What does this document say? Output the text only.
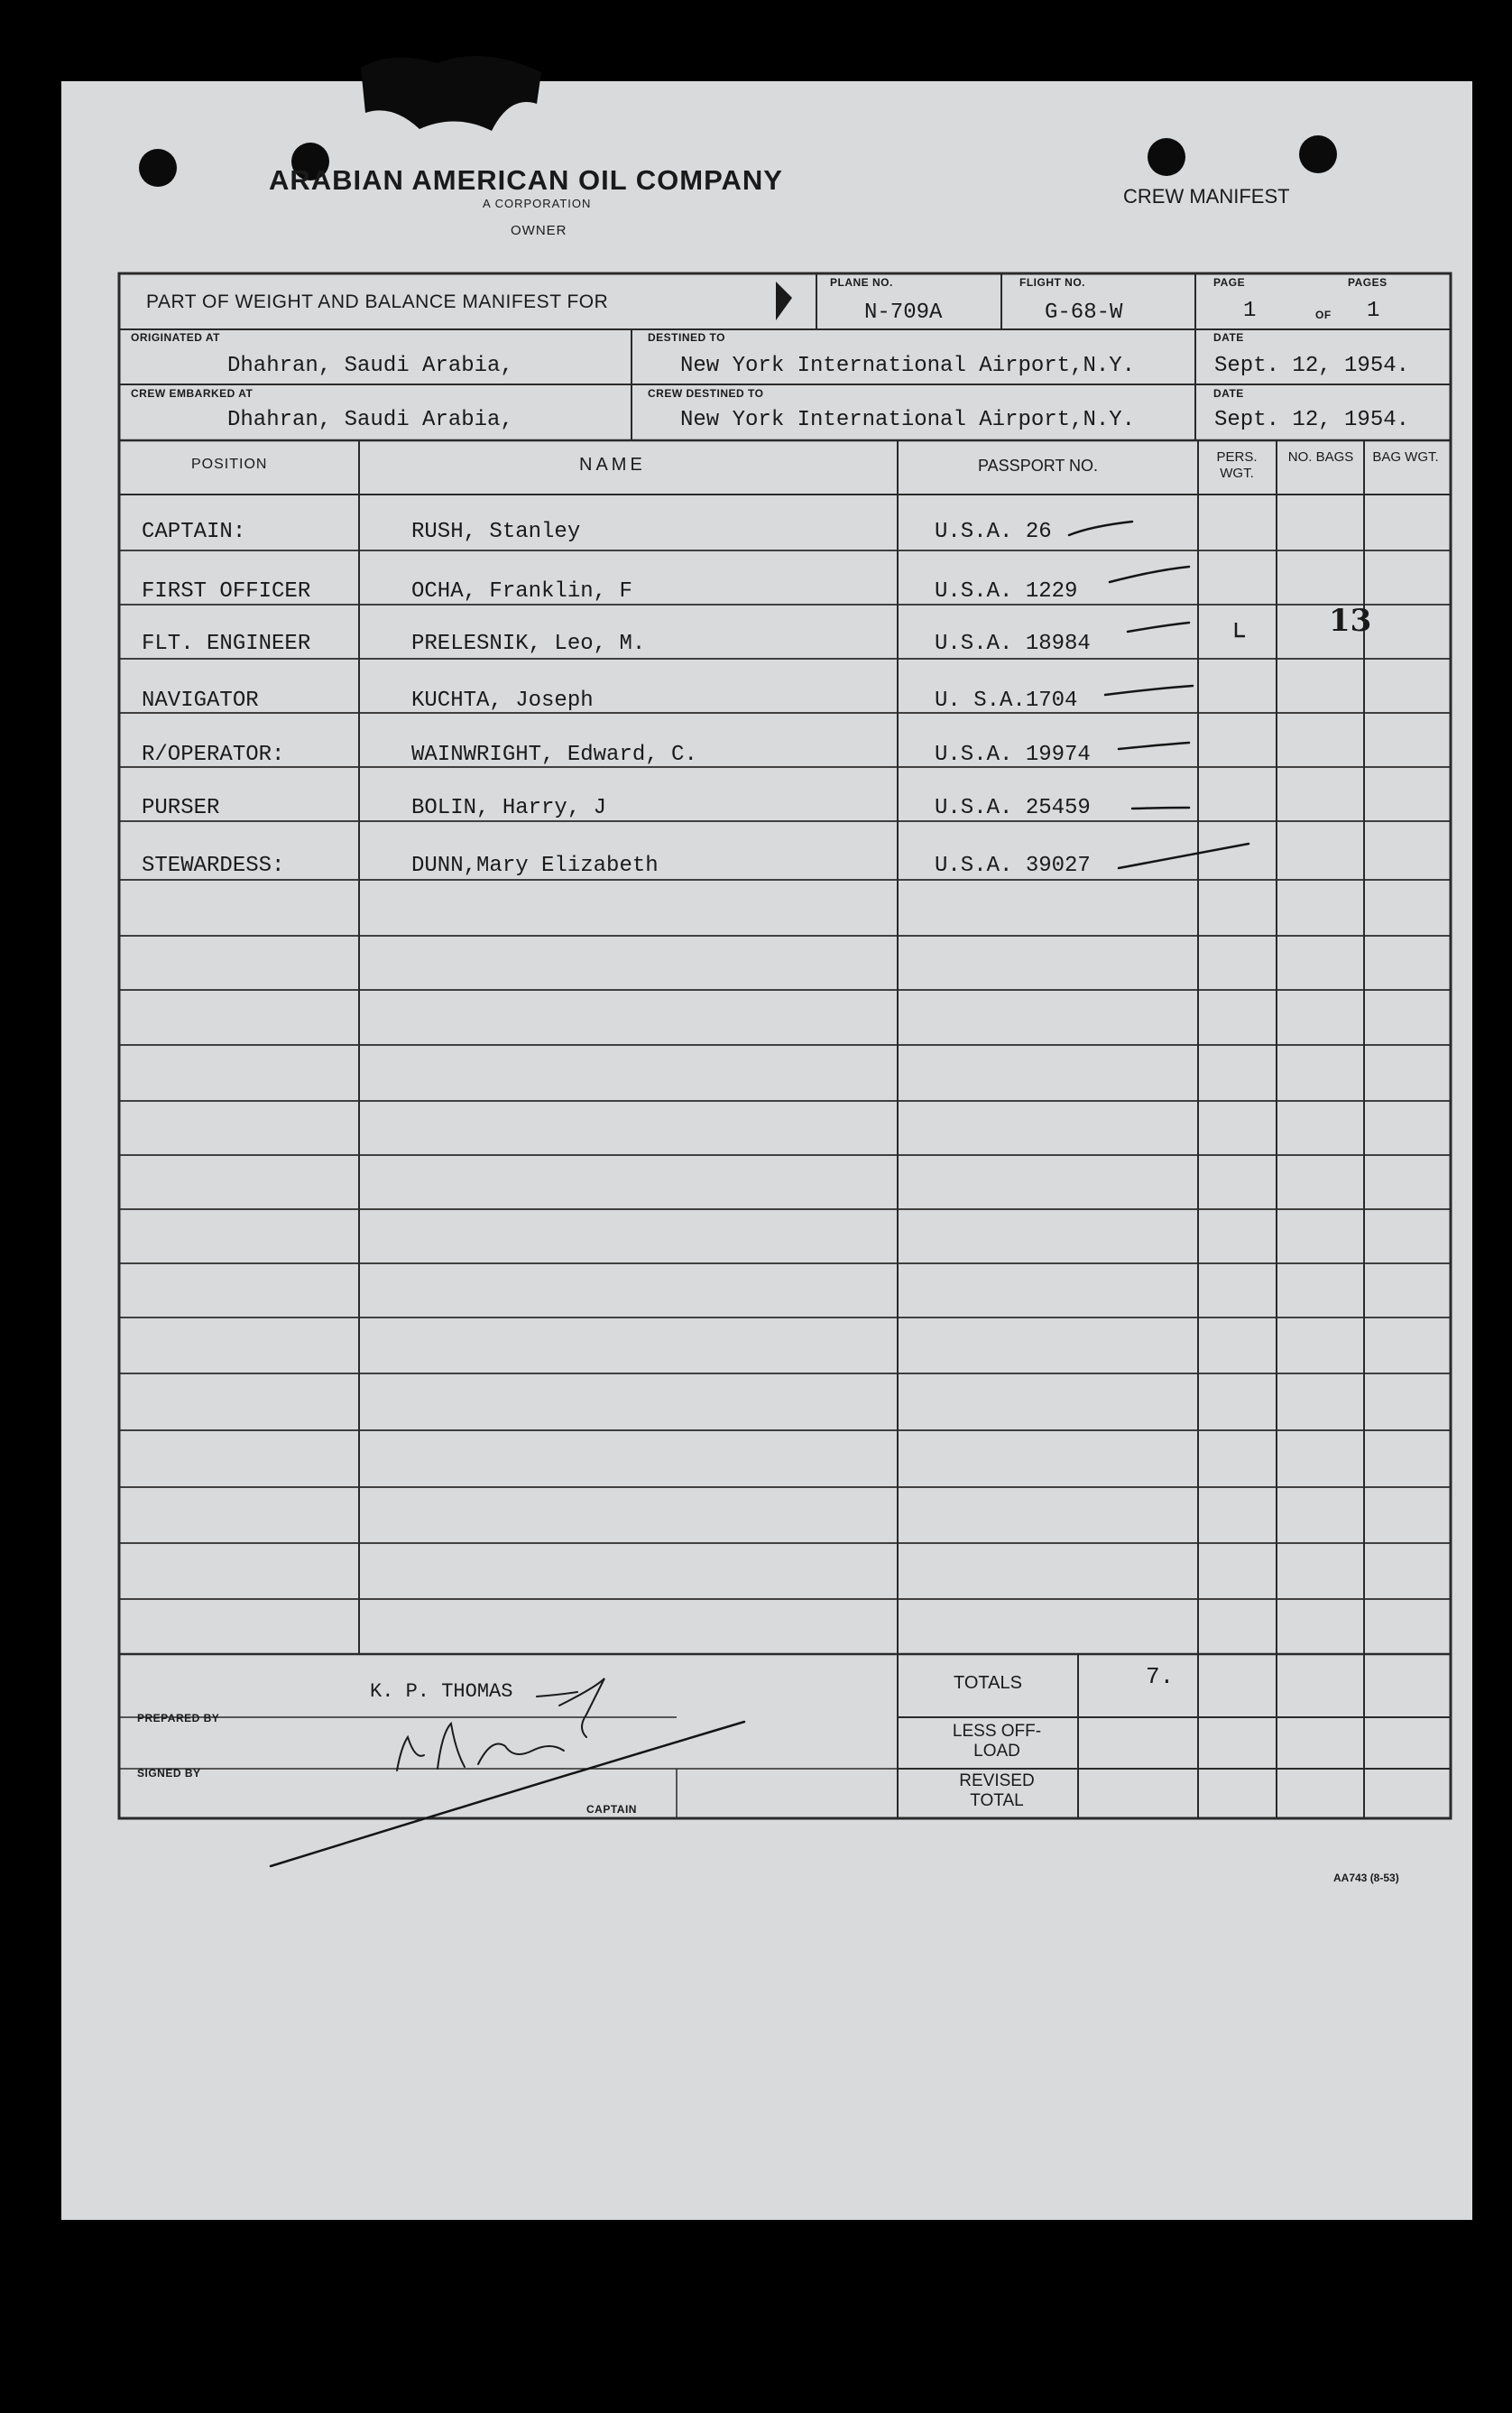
ARABIAN AMERICAN OIL COMPANY
A CORPORATION
OWNER
CREW MANIFEST
PART OF WEIGHT AND BALANCE MANIFEST FOR
PLANE NO.
N-709A
FLIGHT NO.
G-68-W
PAGE
1	OF
PAGES
1
ORIGINATED AT
Dhahran, Saudi Arabia,
DESTINED TO
New York International Airport,N.Y.
DATE
Sept. 12, 1954.
CREW EMBARKED AT
Dhahran, Saudi Arabia,
CREW DESTINED TO
New York International Airport,N.Y.
DATE
Sept. 12, 1954.
POSITION	NAME	PASSPORT NO.	PERS. WGT.
NO. BAGS BAG WGT.
CAPTAIN:	RUSH, Stanley	U.S.A. 26
FIRST OFFICER	OCHA, Franklin, F	U.S.A. 1229
FLT. ENGINEER	PRELESNIK, Leo, M.	U.S.A. 18984
NAVIGATOR	KUCHTA, Joseph	U. S.A.1704
R/OPERATOR:	WAINWRIGHT, Edward, C.	U.S.A. 19974
PURSER	BOLIN, Harry, J	U.S.A. 25459
STEWARDESS:	DUNN,Mary Elizabeth	U.S.A. 39027
13
K. P. THOMAS
PREPARED BY
SIGNED BY
CAPTAIN
TOTALS	7.
LESS OFF-LOAD
REVISED TOTAL
AA743 (8-53)
